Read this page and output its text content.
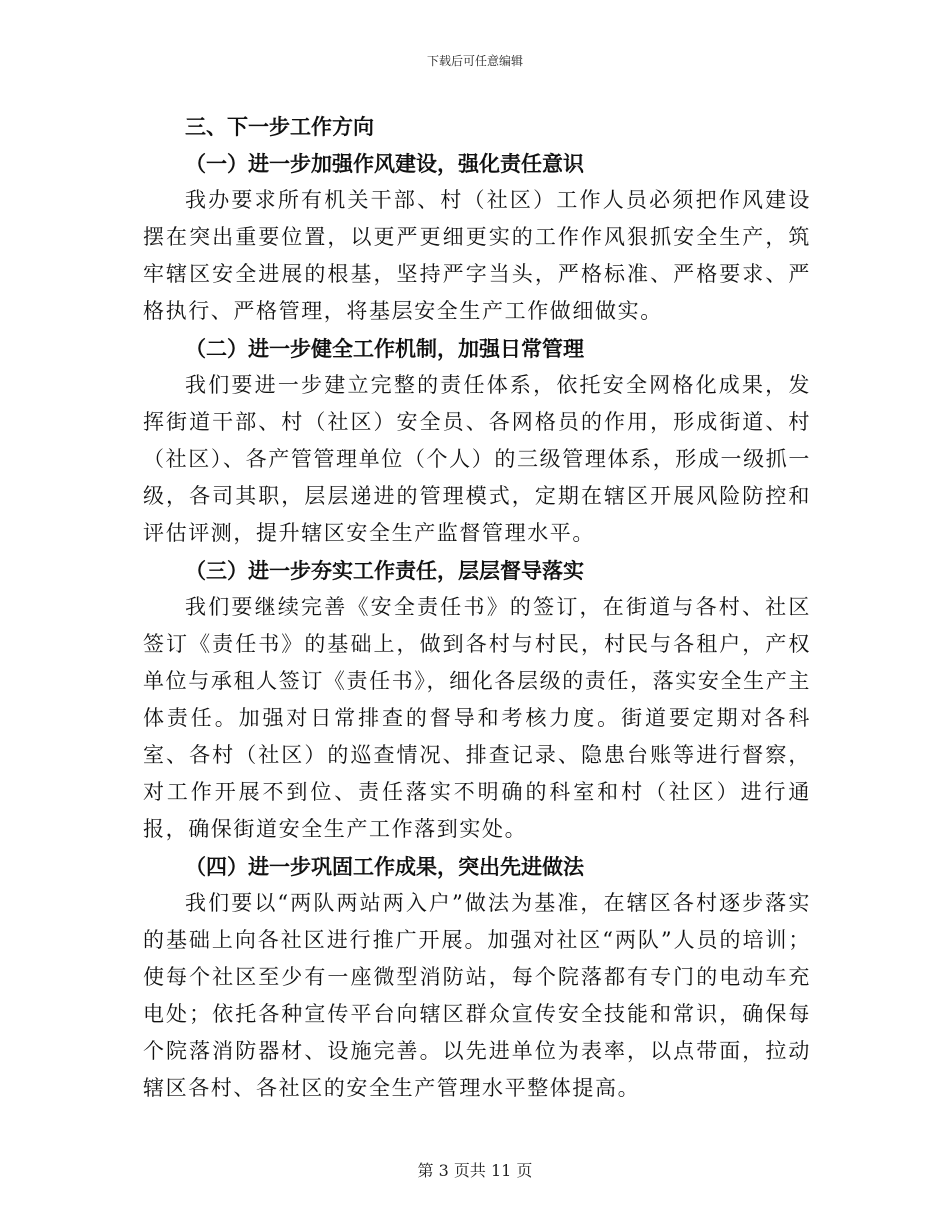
下载后可任意编辑

三、下一步工作方向

（一）进一步加强作风建设，强化责任意识

我办要求所有机关干部、村（社区）工作人员必须把作风建设摆在突出重要位置，以更严更细更实的工作作风狠抓安全生产，筑牢辖区安全进展的根基，坚持严字当头，严格标准、严格要求、严格执行、严格管理，将基层安全生产工作做细做实。

（二）进一步健全工作机制，加强日常管理

我们要进一步建立完整的责任体系，依托安全网格化成果，发挥街道干部、村（社区）安全员、各网格员的作用，形成街道、村（社区）、各产管管理单位（个人）的三级管理体系，形成一级抓一级，各司其职，层层递进的管理模式，定期在辖区开展风险防控和评估评测，提升辖区安全生产监督管理水平。

（三）进一步夯实工作责任，层层督导落实

我们要继续完善《安全责任书》的签订，在街道与各村、社区签订《责任书》的基础上，做到各村与村民，村民与各租户，产权单位与承租人签订《责任书》，细化各层级的责任，落实安全生产主体责任。加强对日常排查的督导和考核力度。街道要定期对各科室、各村（社区）的巡查情况、排查记录、隐患台账等进行督察，对工作开展不到位、责任落实不明确的科室和村（社区）进行通报，确保街道安全生产工作落到实处。

（四）进一步巩固工作成果，突出先进做法

我们要以“两队两站两入户”做法为基准，在辖区各村逐步落实的基础上向各社区进行推广开展。加强对社区“两队”人员的培训；使每个社区至少有一座微型消防站，每个院落都有专门的电动车充电处；依托各种宣传平台向辖区群众宣传安全技能和常识，确保每个院落消防器材、设施完善。以先进单位为表率，以点带面，拉动辖区各村、各社区的安全生产管理水平整体提高。

第 3 页共 11 页
